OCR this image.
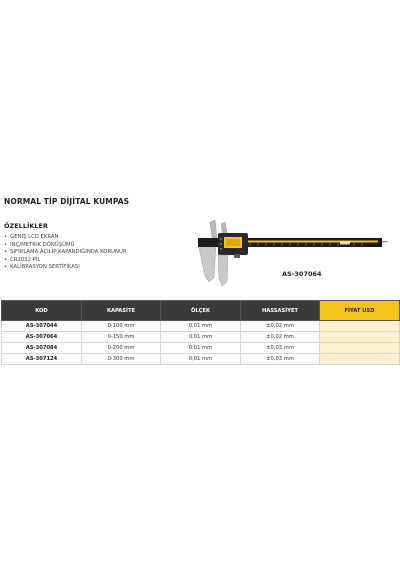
NORMAL TİP DİJİTAL KUMPAS
ÖZELLİKLER
• GENİŞ LCD EKRAN
• İNÇ/METRİK DÖNÜŞÜMÜ
• SIFIRLAMA AÇILIP KAPANDIĞINDA KORUNUR
• CR2032 PİL
• KALİBRASYON SERTİFİKASI
AS-307064
KOD	KAPASİTE	ÖLÇEK	HASSASİYET	FİYAT USD
AS-307044	0-100 mm	0,01 mm	±0,02 mm	
AS-307064	0-150 mm	0,01 mm	±0,02 mm	
AS-307084	0-200 mm	0,01 mm	±0,03 mm	
AS-307124	0-300 mm	0,01 mm	±0,03 mm	
